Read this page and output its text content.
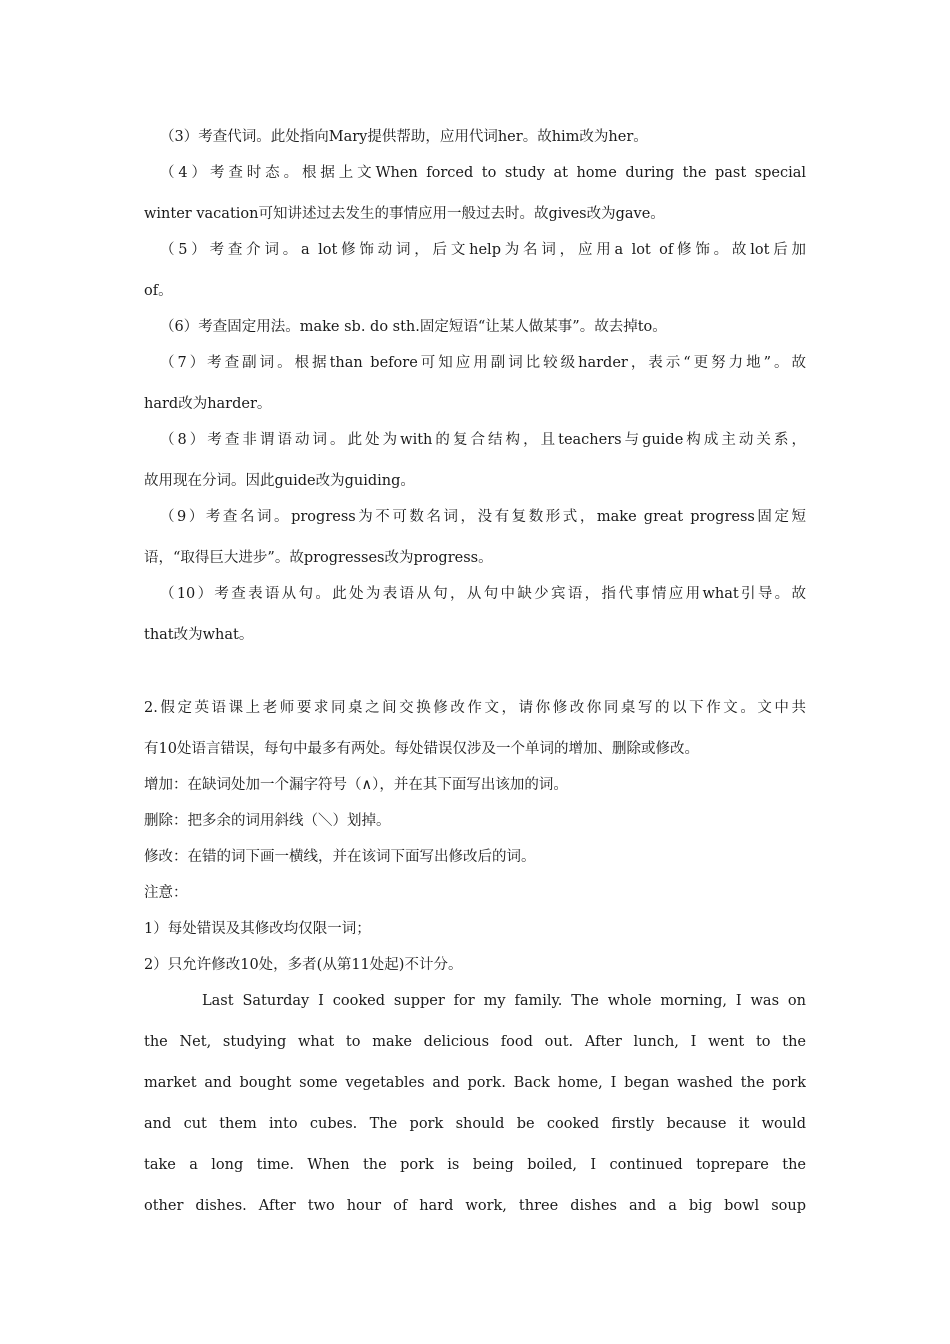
（3）考查代词。此处指向Mary提供帮助，应用代词her。故him改为her。
（4）考查时态。根据上文When forced to study at home during the past special
winter vacation可知讲述过去发生的事情应用一般过去时。故gives改为gave。
（5）考查介词。a lot修饰动词，后文help为名词，应用a lot of修饰。故lot后加
of。
（6）考查固定用法。make sb. do sth.固定短语“让某人做某事”。故去掉to。
（7）考查副词。根据than before可知应用副词比较级harder，表示“更努力地”。故
hard改为harder。
（8）考查非谓语动词。此处为with的复合结构，且teachers与guide构成主动关系，
故用现在分词。因此guide改为guiding。
（9）考查名词。progress为不可数名词，没有复数形式，make great progress固定短
语，“取得巨大进步”。故progresses改为progress。
（10）考查表语从句。此处为表语从句，从句中缺少宾语，指代事情应用what引导。故
that改为what。
2.假定英语课上老师要求同桌之间交换修改作文，请你修改你同桌写的以下作文。文中共
有10处语言错误，每句中最多有两处。每处错误仅涉及一个单词的增加、删除或修改。
增加：在缺词处加一个漏字符号（∧），并在其下面写出该加的词。
删除：把多余的词用斜线（＼）划掉。
修改：在错的词下画一横线，并在该词下面写出修改后的词。
注意：
1）每处错误及其修改均仅限一词；
2）只允许修改10处，多者(从第11处起)不计分。
Last Saturday I cooked supper for my family. The whole morning, I was on
the Net, studying what to make delicious food out. After lunch, I went to the
market and bought some vegetables and pork. Back home, I began washed the pork
and cut them into cubes. The pork should be cooked firstly because it would
take a long time. When the pork is being boiled, I continued toprepare the
other dishes. After two hour of hard work, three dishes and a big bowl soup
